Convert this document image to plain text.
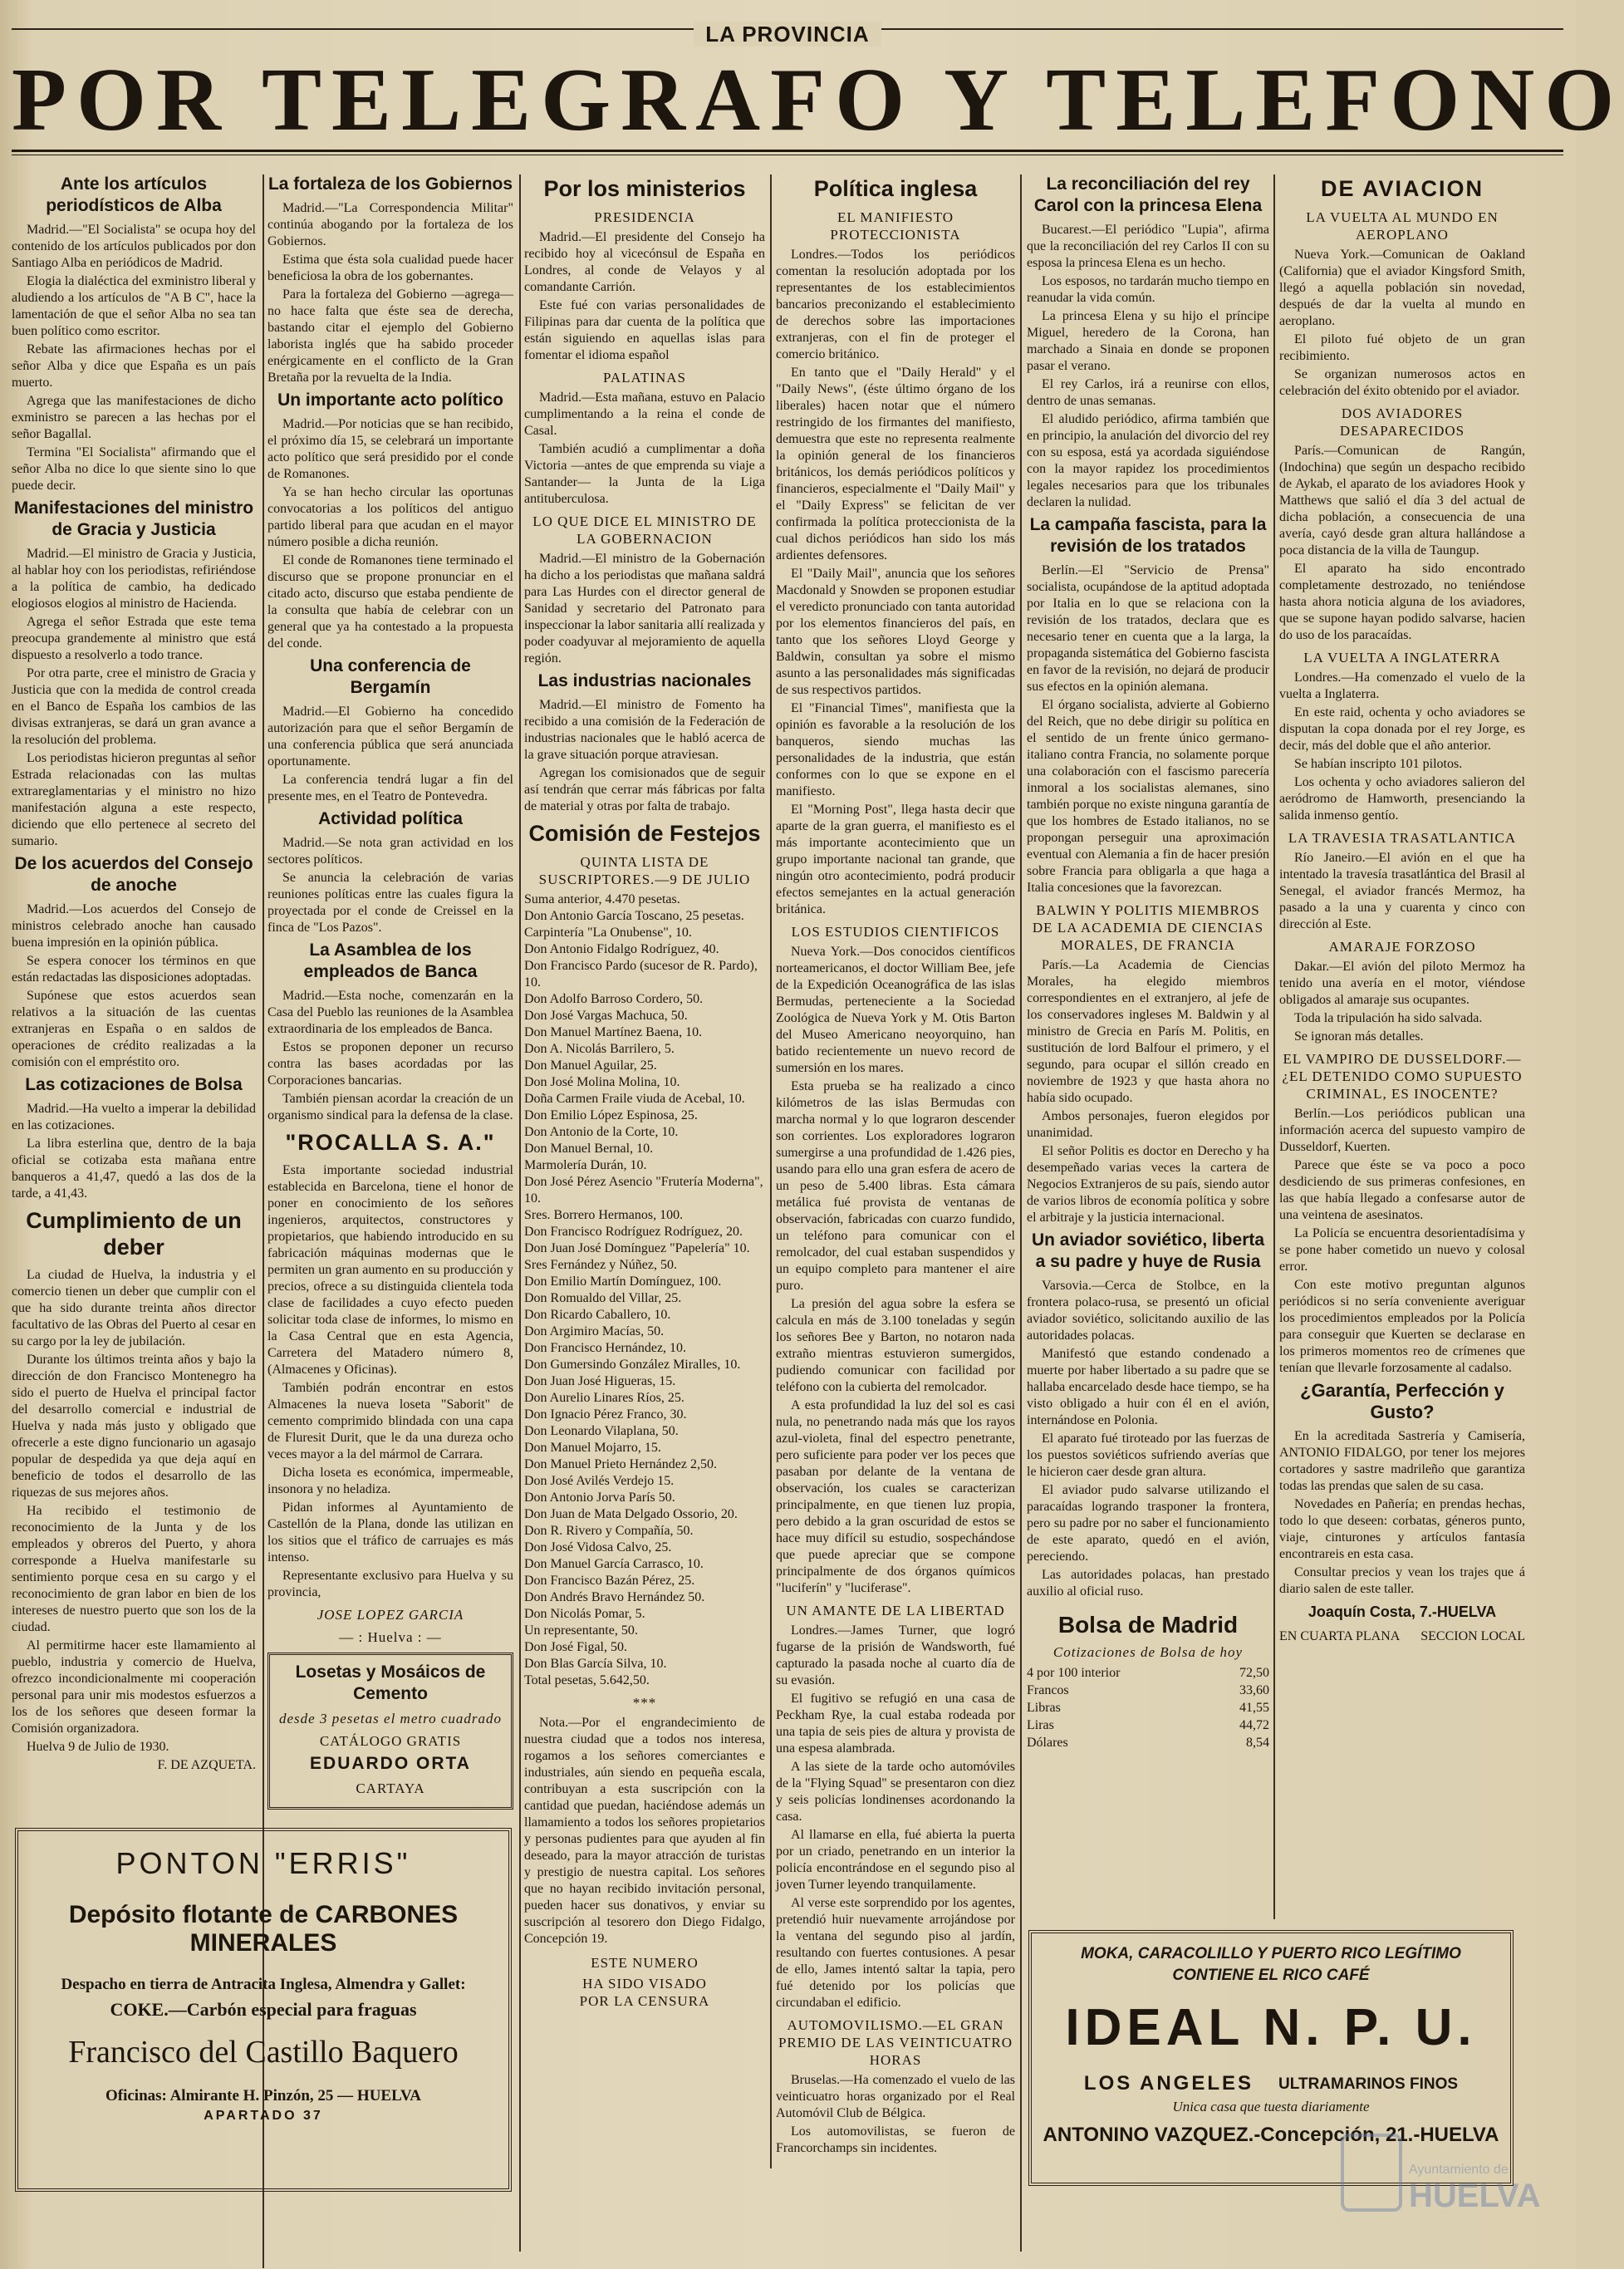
LA PROVINCIA
POR TELEGRAFO Y TELEFONO
Ante los artículos periodísticos de Alba

Madrid.—"El Socialista" se ocupa hoy del contenido de los artículos publicados por don Santiago Alba en periódicos de Madrid.

Elogia la dialéctica del exministro liberal y aludiendo a los artículos de "A B C", hace la lamentación de que el señor Alba no sea tan buen político como escritor.

Rebate las afirmaciones hechas por el señor Alba y dice que España es un país muerto.

Agrega que las manifestaciones de dicho exministro se parecen a las hechas por el señor Bagallal.

Termina "El Socialista" afirmando que el señor Alba no dice lo que siente sino lo que puede decir.

Manifestaciones del ministro de Gracia y Justicia

Madrid.—El ministro de Gracia y Justicia, al hablar hoy con los periodistas, refiriéndose a la política de cambio, ha dedicado elogiosos elogios al ministro de Hacienda.

Agrega el señor Estrada que este tema preocupa grandemente al ministro que está dispuesto a resolverlo a todo trance.

Por otra parte, cree el ministro de Gracia y Justicia que con la medida de control creada en el Banco de España los cambios de las divisas extranjeras, se dará un gran avance a la resolución del problema.

Los periodistas hicieron preguntas al señor Estrada relacionadas con las multas extrareglamentarias y el ministro no hizo manifestación alguna a este respecto, diciendo que ello pertenece al secreto del sumario.

De los acuerdos del Consejo de anoche

Madrid.—Los acuerdos del Consejo de ministros celebrado anoche han causado buena impresión en la opinión pública.

Se espera conocer los términos en que están redactadas las disposiciones adoptadas.

Supónese que estos acuerdos sean relativos a la situación de las cuentas extranjeras en España o en saldos de operaciones de crédito realizadas a la comisión con el empréstito oro.

Las cotizaciones de Bolsa

Madrid.—Ha vuelto a imperar la debilidad en las cotizaciones.

La libra esterlina que, dentro de la baja oficial se cotizaba esta mañana entre banqueros a 41,47, quedó a las dos de la tarde, a 41,43.

Cumplimiento de un deber

La ciudad de Huelva, la industria y el comercio tienen un deber que cumplir con el que ha sido durante treinta años director facultativo de las Obras del Puerto al cesar en su cargo por la ley de jubilación.

Durante los últimos treinta años y bajo la dirección de don Francisco Montenegro ha sido el puerto de Huelva el principal factor del desarrollo comercial e industrial de Huelva y nada más justo y obligado que ofrecerle a este digno funcionario un agasajo popular de despedida ya que deja aquí en beneficio de todos el desarrollo de las riquezas de sus mejores años.

Ha recibido el testimonio de reconocimiento de la Junta y de los empleados y obreros del Puerto, y ahora corresponde a Huelva manifestarle su sentimiento porque cesa en su cargo y el reconocimiento de gran labor en bien de los intereses de nuestro puerto que son los de la ciudad.

Al permitirme hacer este llamamiento al pueblo, industria y comercio de Huelva, ofrezco incondicionalmente mi cooperación personal para unir mis modestos esfuerzos a los de los señores que deseen formar la Comisión organizadora.

Huelva 9 de Julio de 1930.

F. DE AZQUETA.
La fortaleza de los Gobiernos

Madrid.—"La Correspondencia Militar" continúa abogando por la fortaleza de los Gobiernos.

Estima que ésta sola cualidad puede hacer beneficiosa la obra de los gobernantes.

Para la fortaleza del Gobierno —agrega— no hace falta que éste sea de derecha, bastando citar el ejemplo del Gobierno laborista inglés que ha sabido proceder enérgicamente en el conflicto de la Gran Bretaña por la revuelta de la India.

Un importante acto político

Madrid.—Por noticias que se han recibido, el próximo día 15, se celebrará un importante acto político que será presidido por el conde de Romanones.

Ya se han hecho circular las oportunas convocatorias a los políticos del antiguo partido liberal para que acudan en el mayor número posible a dicha reunión.

El conde de Romanones tiene terminado el discurso que se propone pronunciar en el citado acto, discurso que estaba pendiente de la consulta que había de celebrar con un general que ya ha contestado a la propuesta del conde.

Una conferencia de Bergamín

Madrid.—El Gobierno ha concedido autorización para que el señor Bergamín de una conferencia pública que será anunciada oportunamente.

La conferencia tendrá lugar a fin del presente mes, en el Teatro de Pontevedra.

Actividad política

Madrid.—Se nota gran actividad en los sectores políticos.

Se anuncia la celebración de varias reuniones políticas entre las cuales figura la proyectada por el conde de Creissel en la finca de "Los Pazos".

La Asamblea de los empleados de Banca

Madrid.—Esta noche, comenzarán en la Casa del Pueblo las reuniones de la Asamblea extraordinaria de los empleados de Banca.

Estos se proponen deponer un recurso contra las bases acordadas por las Corporaciones bancarias.

También piensan acordar la creación de un organismo sindical para la defensa de la clase.

"ROCALLA S. A."

Esta importante sociedad industrial establecida en Barcelona, tiene el honor de poner en conocimiento de los señores ingenieros, arquitectos, constructores y propietarios, que habiendo introducido en su fabricación máquinas modernas que le permiten un gran aumento en su producción y precios, ofrece a su distinguida clientela toda clase de facilidades a cuyo efecto pueden solicitar toda clase de informes, lo mismo en la Casa Central que en esta Agencia, Carretera del Matadero número 8, (Almacenes y Oficinas).

También podrán encontrar en estos Almacenes la nueva loseta "Saborit" de cemento comprimido blindada con una capa de Fluresit Durit, que le da una dureza ocho veces mayor a la del mármol de Carrara.

Dicha loseta es económica, impermeable, insonora y no heladiza.

Pidan informes al Ayuntamiento de Castellón de la Plana, donde las utilizan en los sitios que el tráfico de carruajes es más intenso.

Representante exclusivo para Huelva y su provincia,

JOSE LOPEZ GARCIA
— : Huelva : —
Losetas y Mosáicos de Cemento
desde 3 pesetas el metro cuadrado
CATÁLOGO GRATIS
EDUARDO ORTA
CARTAYA
Por los ministerios
PRESIDENCIA

Madrid.—El presidente del Consejo ha recibido hoy al vicecónsul de España en Londres, al conde de Velayos y al comandante Carrión.

Este fué con varias personalidades de Filipinas para dar cuenta de la política que están siguiendo en aquellas islas para fomentar el idioma español

PALATINAS

Madrid.—Esta mañana, estuvo en Palacio cumplimentando a la reina el conde de Casal.

También acudió a cumplimentar a doña Victoria —antes de que emprenda su viaje a Santander— la Junta de la Liga antituberculosa.

LO QUE DICE EL MINISTRO DE LA GOBERNACION

Madrid.—El ministro de la Gobernación ha dicho a los periodistas que mañana saldrá para Las Hurdes con el director general de Sanidad y secretario del Patronato para inspeccionar la labor sanitaria allí realizada y poder coadyuvar al mejoramiento de aquella región.

Las industrias nacionales

Madrid.—El ministro de Fomento ha recibido a una comisión de la Federación de industrias nacionales que le habló acerca de la grave situación porque atraviesan.

Agregan los comisionados que de seguir así tendrán que cerrar más fábricas por falta de material y otras por falta de trabajo.

Comisión de Festejos
QUINTA LISTA DE SUSCRIPTORES.—9 DE JULIO
Suma anterior, 4.470 pesetas.
Don Antonio García Toscano, 25 pesetas.
Carpintería "La Onubense", 10.
Don Antonio Fidalgo Rodríguez, 40.
Don Francisco Pardo (sucesor de R. Pardo), 10.
Don Adolfo Barroso Cordero, 50.
Don José Vargas Machuca, 50.
Don Manuel Martínez Baena, 10.
Don A. Nicolás Barrilero, 5.
Don Manuel Aguilar, 25.
Don José Molina Molina, 10.
Doña Carmen Fraile viuda de Acebal, 10.
Don Emilio López Espinosa, 25.
Don Antonio de la Corte, 10.
Don Manuel Bernal, 10.
Marmolería Durán, 10.
Don José Pérez Asencio "Frutería Moderna", 10.
Sres. Borrero Hermanos, 100.
Don Francisco Rodríguez Rodríguez, 20.
Don Juan José Domínguez "Papelería" 10.
Sres Fernández y Núñez, 50.
Don Emilio Martín Domínguez, 100.
Don Romualdo del Villar, 25.
Don Ricardo Caballero, 10.
Don Argimiro Macías, 50.
Don Francisco Hernández, 10.
Don Gumersindo González Miralles, 10.
Don Juan José Higueras, 15.
Don Aurelio Linares Ríos, 25.
Don Ignacio Pérez Franco, 30.
Don Leonardo Vilaplana, 50.
Don Manuel Mojarro, 15.
Don Manuel Prieto Hernández 2,50.
Don José Avilés Verdejo 15.
Don Antonio Jorva París 50.
Don Juan de Mata Delgado Ossorio, 20.
Don R. Rivero y Compañía, 50.
Don José Vidosa Calvo, 25.
Don Manuel García Carrasco, 10.
Don Francisco Bazán Pérez, 25.
Don Andrés Bravo Hernández 50.
Don Nicolás Pomar, 5.
Un representante, 50.
Don José Figal, 50.
Don Blas García Silva, 10.
Total pesetas, 5.642,50.
***

Nota.—Por el engrandecimiento de nuestra ciudad que a todos nos interesa, rogamos a los señores comerciantes e industriales, aún siendo en pequeña escala, contribuyan a esta suscripción con la cantidad que puedan, haciéndose además un llamamiento a todos los señores propietarios y personas pudientes para que ayuden al fin deseado, para la mayor atracción de turistas y prestigio de nuestra capital. Los señores que no hayan recibido invitación personal, pueden hacer sus donativos, y enviar su suscripción al tesorero don Diego Fidalgo, Concepción 19.

ESTE NUMERO
HA SIDO VISADO
POR LA CENSURA
Política inglesa
EL MANIFIESTO PROTECCIONISTA

Londres.—Todos los periódicos comentan la resolución adoptada por los representantes de los establecimientos bancarios preconizando el establecimiento de derechos sobre las importaciones extranjeras, con el fin de proteger el comercio británico.

En tanto que el "Daily Herald" y el "Daily News", (éste último órgano de los liberales) hacen notar que el número restringido de los firmantes del manifiesto, demuestra que este no representa realmente la opinión general de los financieros británicos, los demás periódicos políticos y financieros, especialmente el "Daily Mail" y el "Daily Express" se felicitan de ver confirmada la política proteccionista de la cual dichos periódicos han sido los más ardientes defensores.

El "Daily Mail", anuncia que los señores Macdonald y Snowden se proponen estudiar el veredicto pronunciado con tanta autoridad por los elementos financieros del país, en tanto que los señores Lloyd George y Baldwin, consultan ya sobre el mismo asunto a las personalidades más significadas de sus respectivos partidos.

El "Financial Times", manifiesta que la opinión es favorable a la resolución de los banqueros, siendo muchas las personalidades de la industria, que están conformes con lo que se expone en el manifiesto.

El "Morning Post", llega hasta decir que aparte de la gran guerra, el manifiesto es el más importante acontecimiento que un grupo importante nacional tan grande, que ningún otro acontecimiento, podrá producir efectos semejantes en la actual generación británica.

LOS ESTUDIOS CIENTIFICOS

Nueva York.—Dos conocidos científicos norteamericanos, el doctor William Bee, jefe de la Expedición Oceanográfica de las islas Bermudas, perteneciente a la Sociedad Zoológica de Nueva York y M. Otis Barton del Museo Americano neoyorquino, han batido recientemente un nuevo record de sumersión en los mares.

Esta prueba se ha realizado a cinco kilómetros de las islas Bermudas con marcha normal y lo que lograron descender son corrientes. Los exploradores lograron sumergirse a una profundidad de 1.426 pies, usando para ello una gran esfera de acero de un peso de 5.400 libras. Esta cámara metálica fué provista de ventanas de observación, fabricadas con cuarzo fundido, un teléfono para comunicar con el remolcador, del cual estaban suspendidos y un equipo completo para mantener el aire puro.

La presión del agua sobre la esfera se calcula en más de 3.100 toneladas y según los señores Bee y Barton, no notaron nada extraño mientras estuvieron sumergidos, pudiendo comunicar con facilidad por teléfono con la cubierta del remolcador.

A esta profundidad la luz del sol es casi nula, no penetrando nada más que los rayos azul-violeta, final del espectro penetrante, pero suficiente para poder ver los peces que pasaban por delante de la ventana de observación, los cuales se caracterizan principalmente, en que tienen luz propia, pero debido a la gran oscuridad de estos se hace muy difícil su estudio, sospechándose que puede apreciar que se compone principalmente de dos órganos químicos "luciferín" y "luciferase".

UN AMANTE DE LA LIBERTAD

Londres.—James Turner, que logró fugarse de la prisión de Wandsworth, fué capturado la pasada noche al cuarto día de su evasión.

El fugitivo se refugió en una casa de Peckham Rye, la cual estaba rodeada por una tapia de seis pies de altura y provista de una espesa alambrada.

A las siete de la tarde ocho automóviles de la "Flying Squad" se presentaron con diez y seis policías londinenses acordonando la casa.

Al llamarse en ella, fué abierta la puerta por un criado, penetrando en un interior la policía encontrándose en el segundo piso al joven Turner leyendo tranquilamente.

Al verse este sorprendido por los agentes, pretendió huir nuevamente arrojándose por la ventana del segundo piso al jardín, resultando con fuertes contusiones. A pesar de ello, James intentó saltar la tapia, pero fué detenido por los policías que circundaban el edificio.

AUTOMOVILISMO.—EL GRAN PREMIO DE LAS VEINTICUATRO HORAS

Bruselas.—Ha comenzado el vuelo de las veinticuatro horas organizado por el Real Automóvil Club de Bélgica.

Los automovilistas, se fueron de Francorchamps sin incidentes.

La reconciliación del rey Carol con la princesa Elena

Bucarest.—El periódico "Lupia", afirma que la reconciliación del rey Carlos II con su esposa la princesa Elena es un hecho.

Los esposos, no tardarán mucho tiempo en reanudar la vida común.

La princesa Elena y su hijo el príncipe Miguel, heredero de la Corona, han marchado a Sinaia en donde se proponen pasar el verano.

El rey Carlos, irá a reunirse con ellos, dentro de unas semanas.

El aludido periódico, afirma también que en principio, la anulación del divorcio del rey con su esposa, está ya acordada siguiéndose con la mayor rapidez los procedimientos legales necesarios para que los tribunales declaren la nulidad.

La campaña fascista, para la revisión de los tratados

Berlín.—El "Servicio de Prensa" socialista, ocupándose de la aptitud adoptada por Italia en lo que se relaciona con la revisión de los tratados, declara que es necesario tener en cuenta que a la larga, la propaganda sistemática del Gobierno fascista en favor de la revisión, no dejará de producir sus efectos en la opinión alemana.

El órgano socialista, advierte al Gobierno del Reich, que no debe dirigir su política en el sentido de un frente único germano-italiano contra Francia, no solamente porque una colaboración con el fascismo parecería inmoral a los socialistas alemanes, sino también porque no existe ninguna garantía de que los hombres de Estado italianos, no se propongan perseguir una aproximación eventual con Alemania a fin de hacer presión sobre Francia para obligarla a que haga a Italia concesiones que la favorezcan.

BALWIN Y POLITIS MIEMBROS DE LA ACADEMIA DE CIENCIAS MORALES, DE FRANCIA

París.—La Academia de Ciencias Morales, ha elegido miembros correspondientes en el extranjero, al jefe de los conservadores ingleses M. Baldwin y al ministro de Grecia en París M. Politis, en sustitución de lord Balfour el primero, y el segundo, para ocupar el sillón creado en noviembre de 1923 y que hasta ahora no había sido ocupado.

Ambos personajes, fueron elegidos por unanimidad.

El señor Politis es doctor en Derecho y ha desempeñado varias veces la cartera de Negocios Extranjeros de su país, siendo autor de varios libros de economía política y sobre el arbitraje y la justicia internacional.

Un aviador soviético, liberta a su padre y huye de Rusia

Varsovia.—Cerca de Stolbce, en la frontera polaco-rusa, se presentó un oficial aviador soviético, solicitando auxilio de las autoridades polacas.

Manifestó que estando condenado a muerte por haber libertado a su padre que se hallaba encarcelado desde hace tiempo, se ha visto obligado a huir con él en el avión, internándose en Polonia.

El aparato fué tiroteado por las fuerzas de los puestos soviéticos sufriendo averías que le hicieron caer desde gran altura.

El aviador pudo salvarse utilizando el paracaídas logrando trasponer la frontera, pero su padre por no saber el funcionamiento de este aparato, quedó en el avión, pereciendo.

Las autoridades polacas, han prestado auxilio al oficial ruso.

Bolsa de Madrid
Cotizaciones de Bolsa de hoy
4 por 100 interior	72,50
Francos	33,60
Libras	41,55
Liras	44,72
Dólares	8,54
DE AVIACION
LA VUELTA AL MUNDO EN AEROPLANO

Nueva York.—Comunican de Oakland (California) que el aviador Kingsford Smith, llegó a aquella población sin novedad, después de dar la vuelta al mundo en aeroplano.

El piloto fué objeto de un gran recibimiento.

Se organizan numerosos actos en celebración del éxito obtenido por el aviador.

DOS AVIADORES DESAPARECIDOS

París.—Comunican de Rangún, (Indochina) que según un despacho recibido de Aykab, el aparato de los aviadores Hook y Matthews que salió el día 3 del actual de dicha población, a consecuencia de una avería, cayó desde gran altura hallándose a poca distancia de la villa de Taungup.

El aparato ha sido encontrado completamente destrozado, no teniéndose hasta ahora noticia alguna de los aviadores, que se supone hayan podido salvarse, hacien do uso de los paracaídas.

LA VUELTA A INGLATERRA

Londres.—Ha comenzado el vuelo de la vuelta a Inglaterra.

En este raid, ochenta y ocho aviadores se disputan la copa donada por el rey Jorge, es decir, más del doble que el año anterior.

Se habían inscripto 101 pilotos.

Los ochenta y ocho aviadores salieron del aeródromo de Hamworth, presenciando la salida inmenso gentío.

LA TRAVESIA TRASATLANTICA

Río Janeiro.—El avión en el que ha intentado la travesía trasatlántica del Brasil al Senegal, el aviador francés Mermoz, ha pasado a la una y cuarenta y cinco con dirección al Este.

AMARAJE FORZOSO

Dakar.—El avión del piloto Mermoz ha tenido una avería en el motor, viéndose obligados al amaraje sus ocupantes.

Toda la tripulación ha sido salvada.

Se ignoran más detalles.

EL VAMPIRO DE DUSSELDORF.—¿EL DETENIDO COMO SUPUESTO CRIMINAL, ES INOCENTE?

Berlín.—Los periódicos publican una información acerca del supuesto vampiro de Dusseldorf, Kuerten.

Parece que éste se va poco a poco desdiciendo de sus primeras confesiones, en las que había llegado a confesarse autor de una veintena de asesinatos.

La Policía se encuentra desorientadísima y se pone haber cometido un nuevo y colosal error.

Con este motivo preguntan algunos periódicos si no sería conveniente averiguar los procedimientos empleados por la Policía para conseguir que Kuerten se declarase en los primeros momentos reo de crímenes que tenían que llevarle forzosamente al cadalso.

¿Garantía, Perfección y Gusto?

En la acreditada Sastrería y Camisería, ANTONIO FIDALGO, por tener los mejores cortadores y sastre madrileño que garantiza todas las prendas que salen de su casa.

Novedades en Pañería; en prendas hechas, todo lo que deseen: corbatas, géneros punto, viaje, cinturones y artículos fantasía encontrareis en esta casa.

Consultar precios y vean los trajes que á diario salen de este taller.

Joaquín Costa, 7.-HUELVA
EN CUARTA PLANA SECCION LOCAL
PONTON "ERRIS"
Depósito flotante de CARBONES MINERALES
Despacho en tierra de Antracita Inglesa, Almendra y Gallet:
COKE.—Carbón especial para fraguas
Francisco del Castillo Baquero
Oficinas: Almirante H. Pinzón, 25 — HUELVA
APARTADO 37
MOKA, CARACOLILLO Y PUERTO RICO LEGÍTIMO
CONTIENE EL RICO CAFÉ
IDEAL N. P. U.
LOS ANGELES ULTRAMARINOS FINOS
Unica casa que tuesta diariamente
ANTONINO VAZQUEZ.-Concepción, 21.-HUELVA
Ayuntamiento de
HUELVA
